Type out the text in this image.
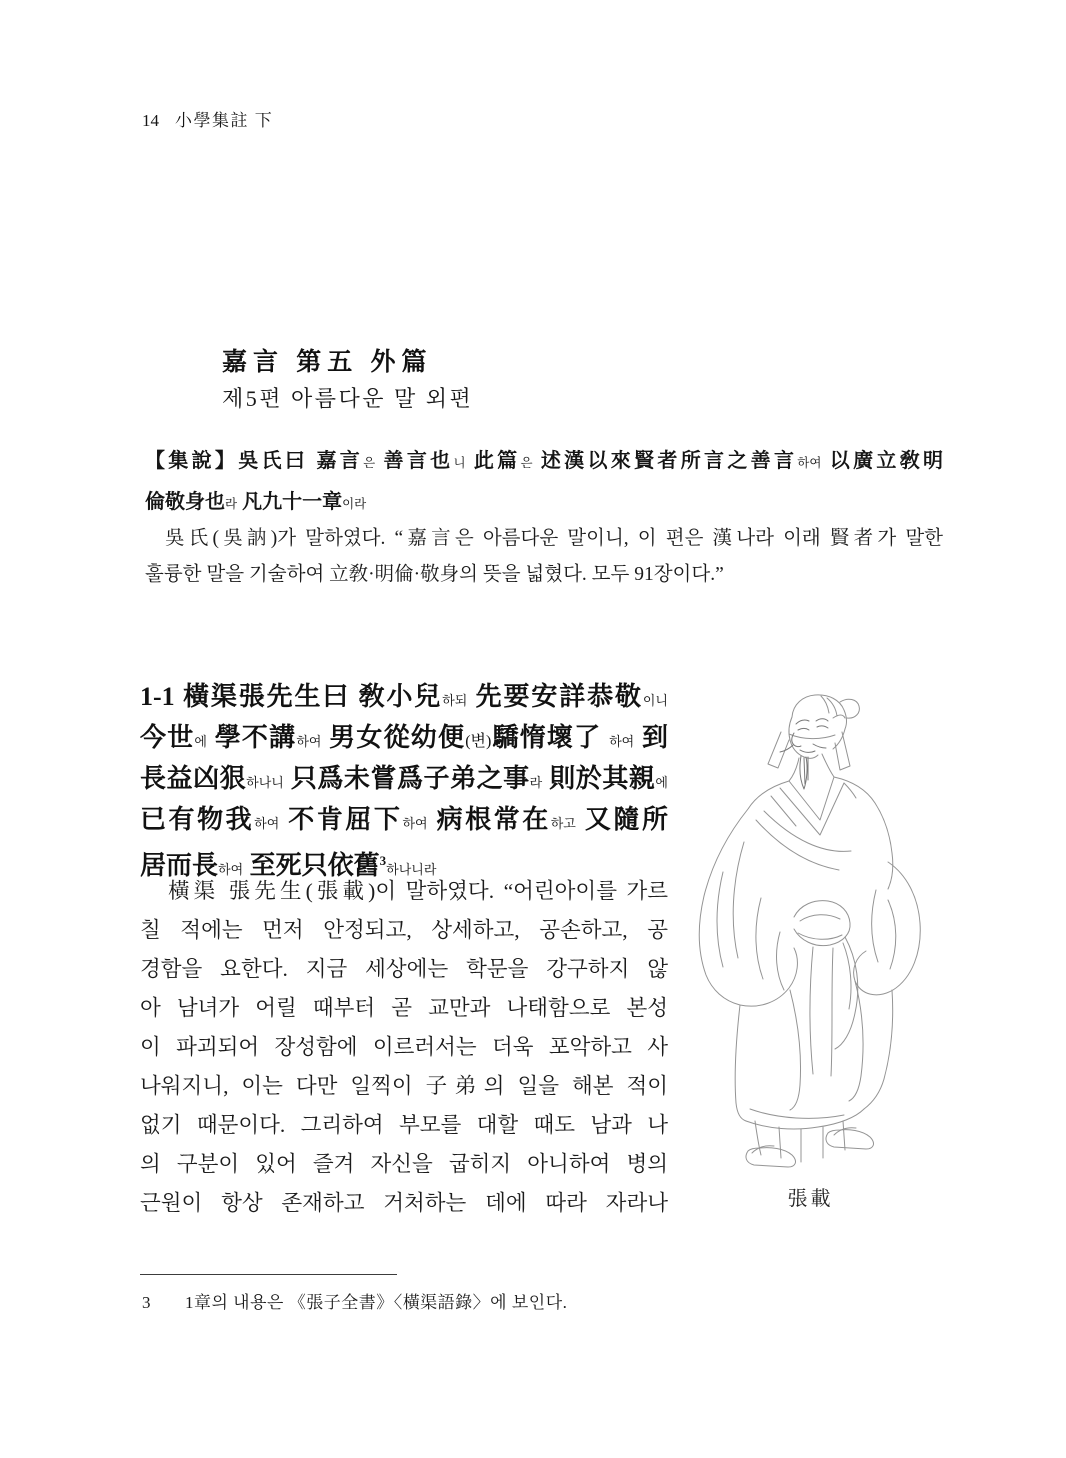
14 小學集註 下
嘉言 第五 外篇
제5편 아름다운 말 외편
【集說】吳氏曰 嘉言은 善言也니 此篇은 述漢以來賢者所言之善言하여 以廣立敎明
倫敬身也라 凡九十一章이라
吳氏(吳訥)가 말하였다. “嘉言은 아름다운 말이니, 이 편은 漢나라 이래 賢者가 말한
훌륭한 말을 기술하여 立敎·明倫·敬身의 뜻을 넓혔다. 모두 91장이다.”
1-1 橫渠張先生曰 敎小兒하되 先要安詳恭敬이니
今世에 學不講하여 男女從幼便(변)驕惰壞了 하여 到
長益凶狠하나니 只爲未嘗爲子弟之事라 則於其親에
已有物我하여 不肯屈下하여 病根常在하고 又隨所
居而長하여 至死只依舊$^3$하나니라
橫渠 張先生(張載)이 말하였다. “어린아이를 가르
칠 적에는 먼저 안정되고, 상세하고, 공손하고, 공
경함을 요한다. 지금 세상에는 학문을 강구하지 않
아 남녀가 어릴 때부터 곧 교만과 나태함으로 본성
이 파괴되어 장성함에 이르러서는 더욱 포악하고 사
나워지니, 이는 다만 일찍이 子弟의 일을 해본 적이
없기 때문이다. 그리하여 부모를 대할 때도 남과 나
의 구분이 있어 즐겨 자신을 굽히지 아니하여 병의
근원이 항상 존재하고 거처하는 데에 따라 자라나	張載
3 1章의 내용은 《張子全書》〈橫渠語錄〉에 보인다.
